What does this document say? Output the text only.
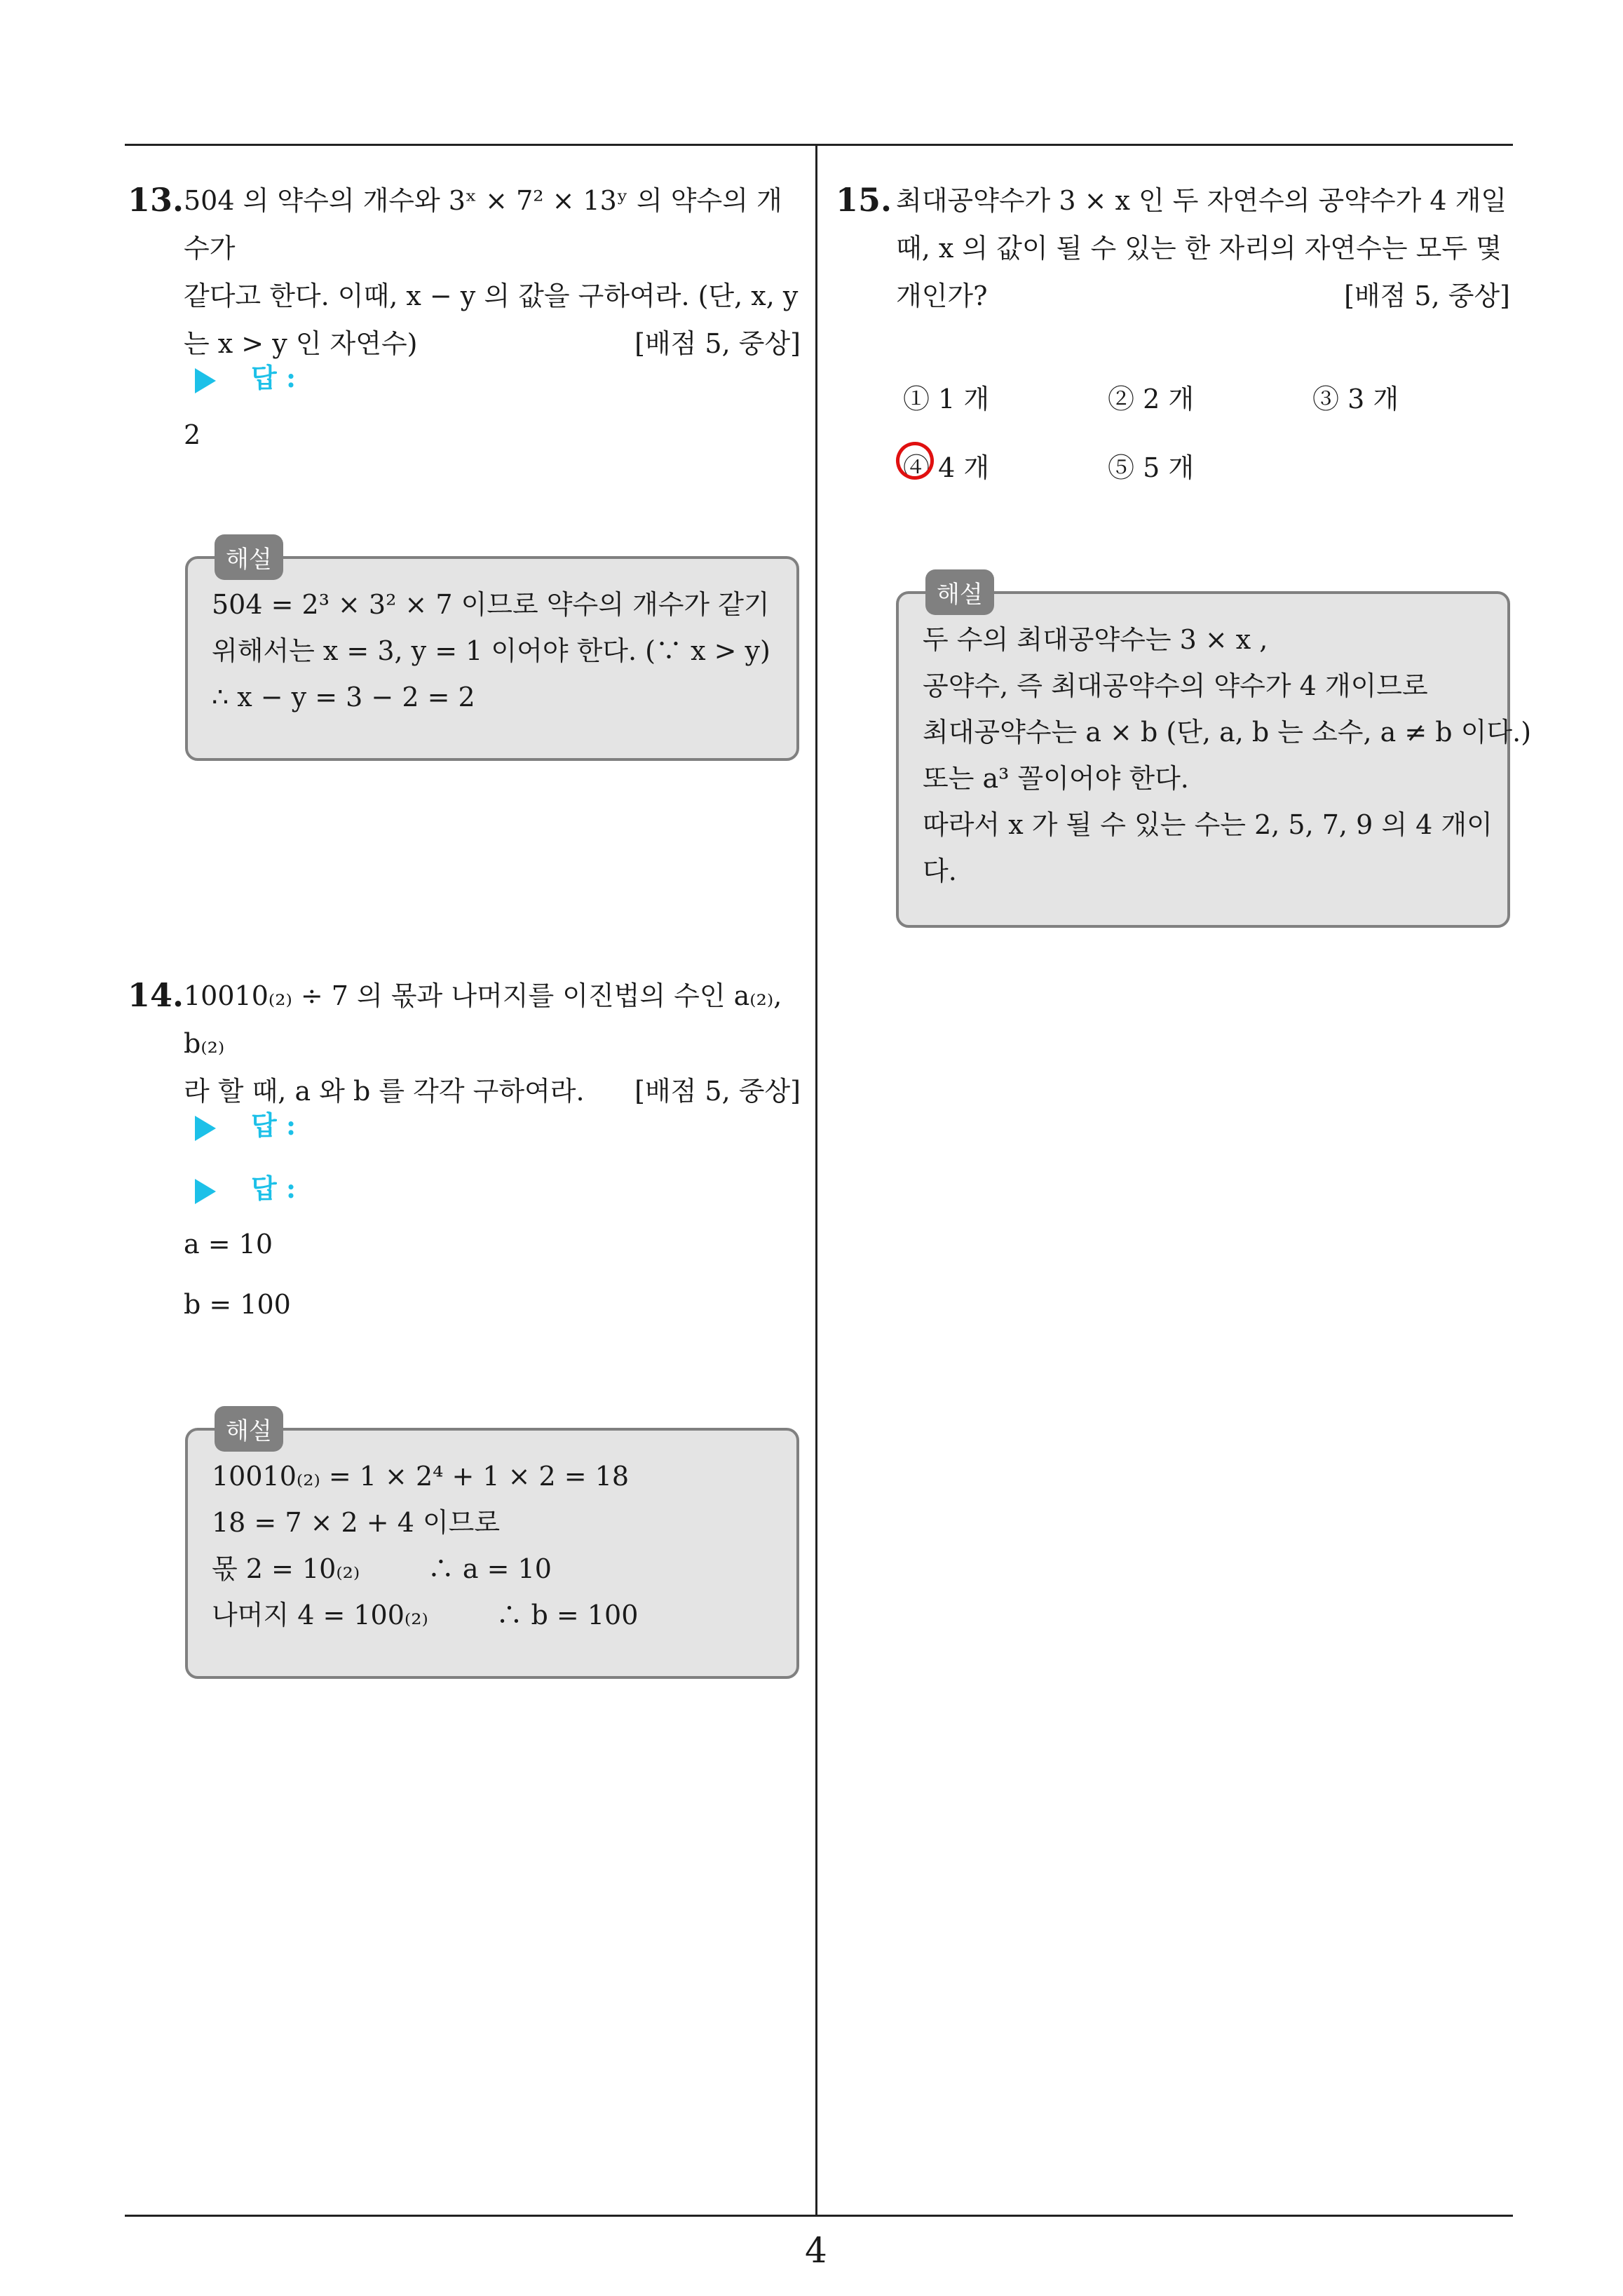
13. 504 의 약수의 개수와 3ˣ × 7² × 13ʸ 의 약수의 개수가

같다고 한다. 이때, x − y 의 값을 구하여라. (단, x, y

는 x > y 인 자연수)	[배점 5, 중상]

답 :
2

504 = 2³ × 3² × 7 이므로 약수의 개수가 같기

위해서는 x = 3, y = 1 이어야 한다. (∵ x > y)

∴ x − y = 3 − 2 = 2

해설
14. 10010₍₂₎ ÷ 7 의 몫과 나머지를 이진법의 수인 a₍₂₎, b₍₂₎

라 할 때, a 와 b 를 각각 구하여라. [배점 5, 중상]

답 :
답 :
a = 10
b = 100

10010₍₂₎ = 1 × 2⁴ + 1 × 2 = 18

18 = 7 × 2 + 4 이므로

몫 2 = 10₍₂₎        ∴ a = 10

나머지 4 = 100₍₂₎        ∴ b = 100

해설
15. 최대공약수가 3 × x 인 두 자연수의 공약수가 4 개일

때, x 의 값이 될 수 있는 한 자리의 자연수는 모두 몇

개인가?	[배점 5, 중상]

① 1 개	② 2 개	③ 3 개
④ 4 개	⑤ 5 개

두 수의 최대공약수는 3 × x ,

공약수, 즉 최대공약수의 약수가 4 개이므로

최대공약수는 a × b (단, a, b 는 소수, a ≠ b 이다.)

또는 a³ 꼴이어야 한다.

따라서 x 가 될 수 있는 수는 2, 5, 7, 9 의 4 개이

다.

해설
4
